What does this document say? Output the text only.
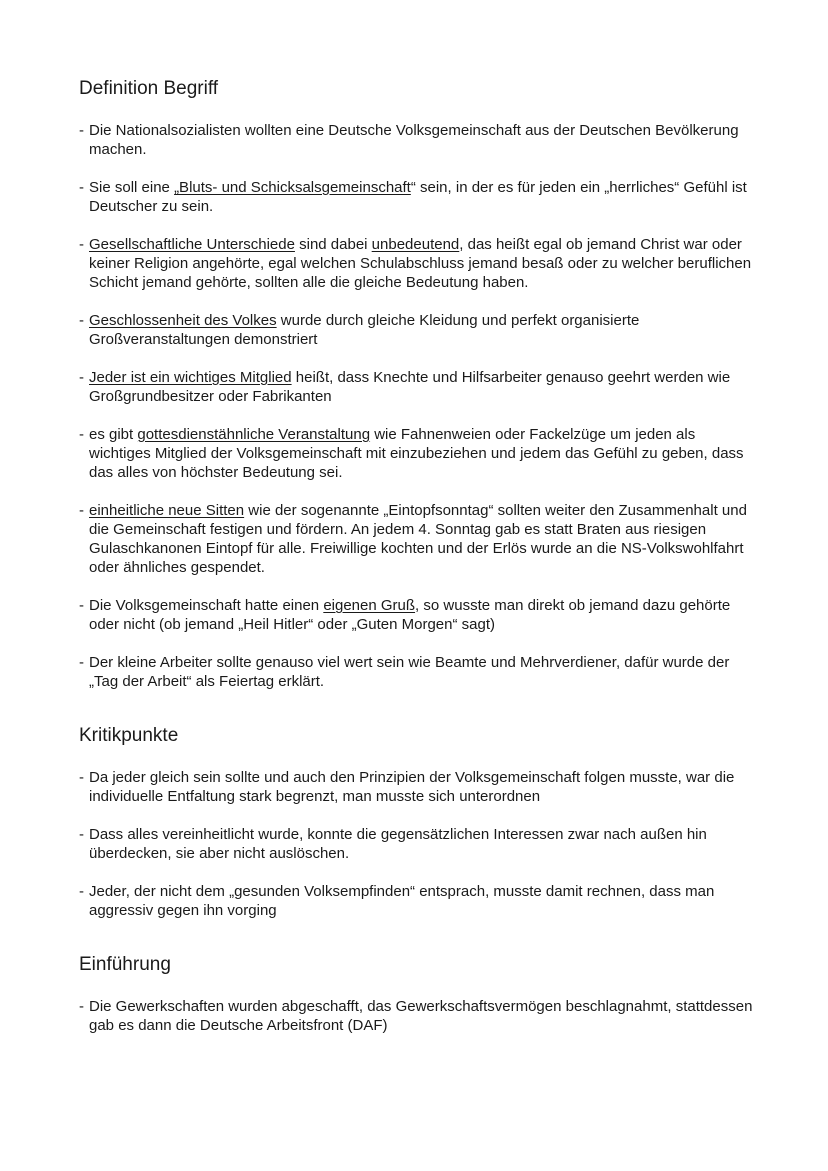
Definition Begriff
- Die Nationalsozialisten wollten eine Deutsche Volksgemeinschaft aus der Deutschen Bevölkerung machen.
- Sie soll eine „Bluts- und Schicksalsgemeinschaft“ sein, in der es für jeden ein „herrliches“ Gefühl ist Deutscher zu sein.
- Gesellschaftliche Unterschiede sind dabei unbedeutend, das heißt egal ob jemand Christ war oder keiner Religion angehörte, egal welchen Schulabschluss jemand besaß oder zu welcher beruflichen Schicht jemand gehörte, sollten alle die gleiche Bedeutung haben.
- Geschlossenheit des Volkes wurde durch gleiche Kleidung und perfekt organisierte Großveranstaltungen demonstriert
- Jeder ist ein wichtiges Mitglied heißt, dass Knechte und Hilfsarbeiter genauso geehrt werden wie Großgrundbesitzer oder Fabrikanten
- es gibt gottesdienstähnliche Veranstaltung wie Fahnenweien oder Fackelzüge um jeden als wichtiges Mitglied der Volksgemeinschaft mit einzubeziehen und jedem das Gefühl zu geben, dass das alles von höchster Bedeutung sei.
- einheitliche neue Sitten wie der sogenannte „Eintopfsonntag“ sollten weiter den Zusammenhalt und die Gemeinschaft festigen und fördern. An jedem 4. Sonntag gab es statt Braten aus riesigen Gulaschkanonen Eintopf für alle. Freiwillige kochten und der Erlös wurde an die NS-Volkswohlfahrt oder ähnliches gespendet.
- Die Volksgemeinschaft hatte einen eigenen Gruß, so wusste man direkt ob jemand dazu gehörte oder nicht (ob jemand „Heil Hitler“ oder „Guten Morgen“ sagt)
- Der kleine Arbeiter sollte genauso viel wert sein wie Beamte und Mehrverdiener, dafür wurde der „Tag der Arbeit“ als Feiertag erklärt.
Kritikpunkte
- Da jeder gleich sein sollte und auch den Prinzipien der Volksgemeinschaft folgen musste, war die individuelle Entfaltung stark begrenzt, man musste sich unterordnen
- Dass alles vereinheitlicht wurde, konnte die gegensätzlichen Interessen zwar nach außen hin überdecken, sie aber nicht auslöschen.
- Jeder, der nicht dem „gesunden Volksempfinden“ entsprach, musste damit rechnen, dass man aggressiv gegen ihn vorging
Einführung
- Die Gewerkschaften wurden abgeschafft, das Gewerkschaftsvermögen beschlagnahmt, stattdessen gab es dann die Deutsche Arbeitsfront (DAF)
